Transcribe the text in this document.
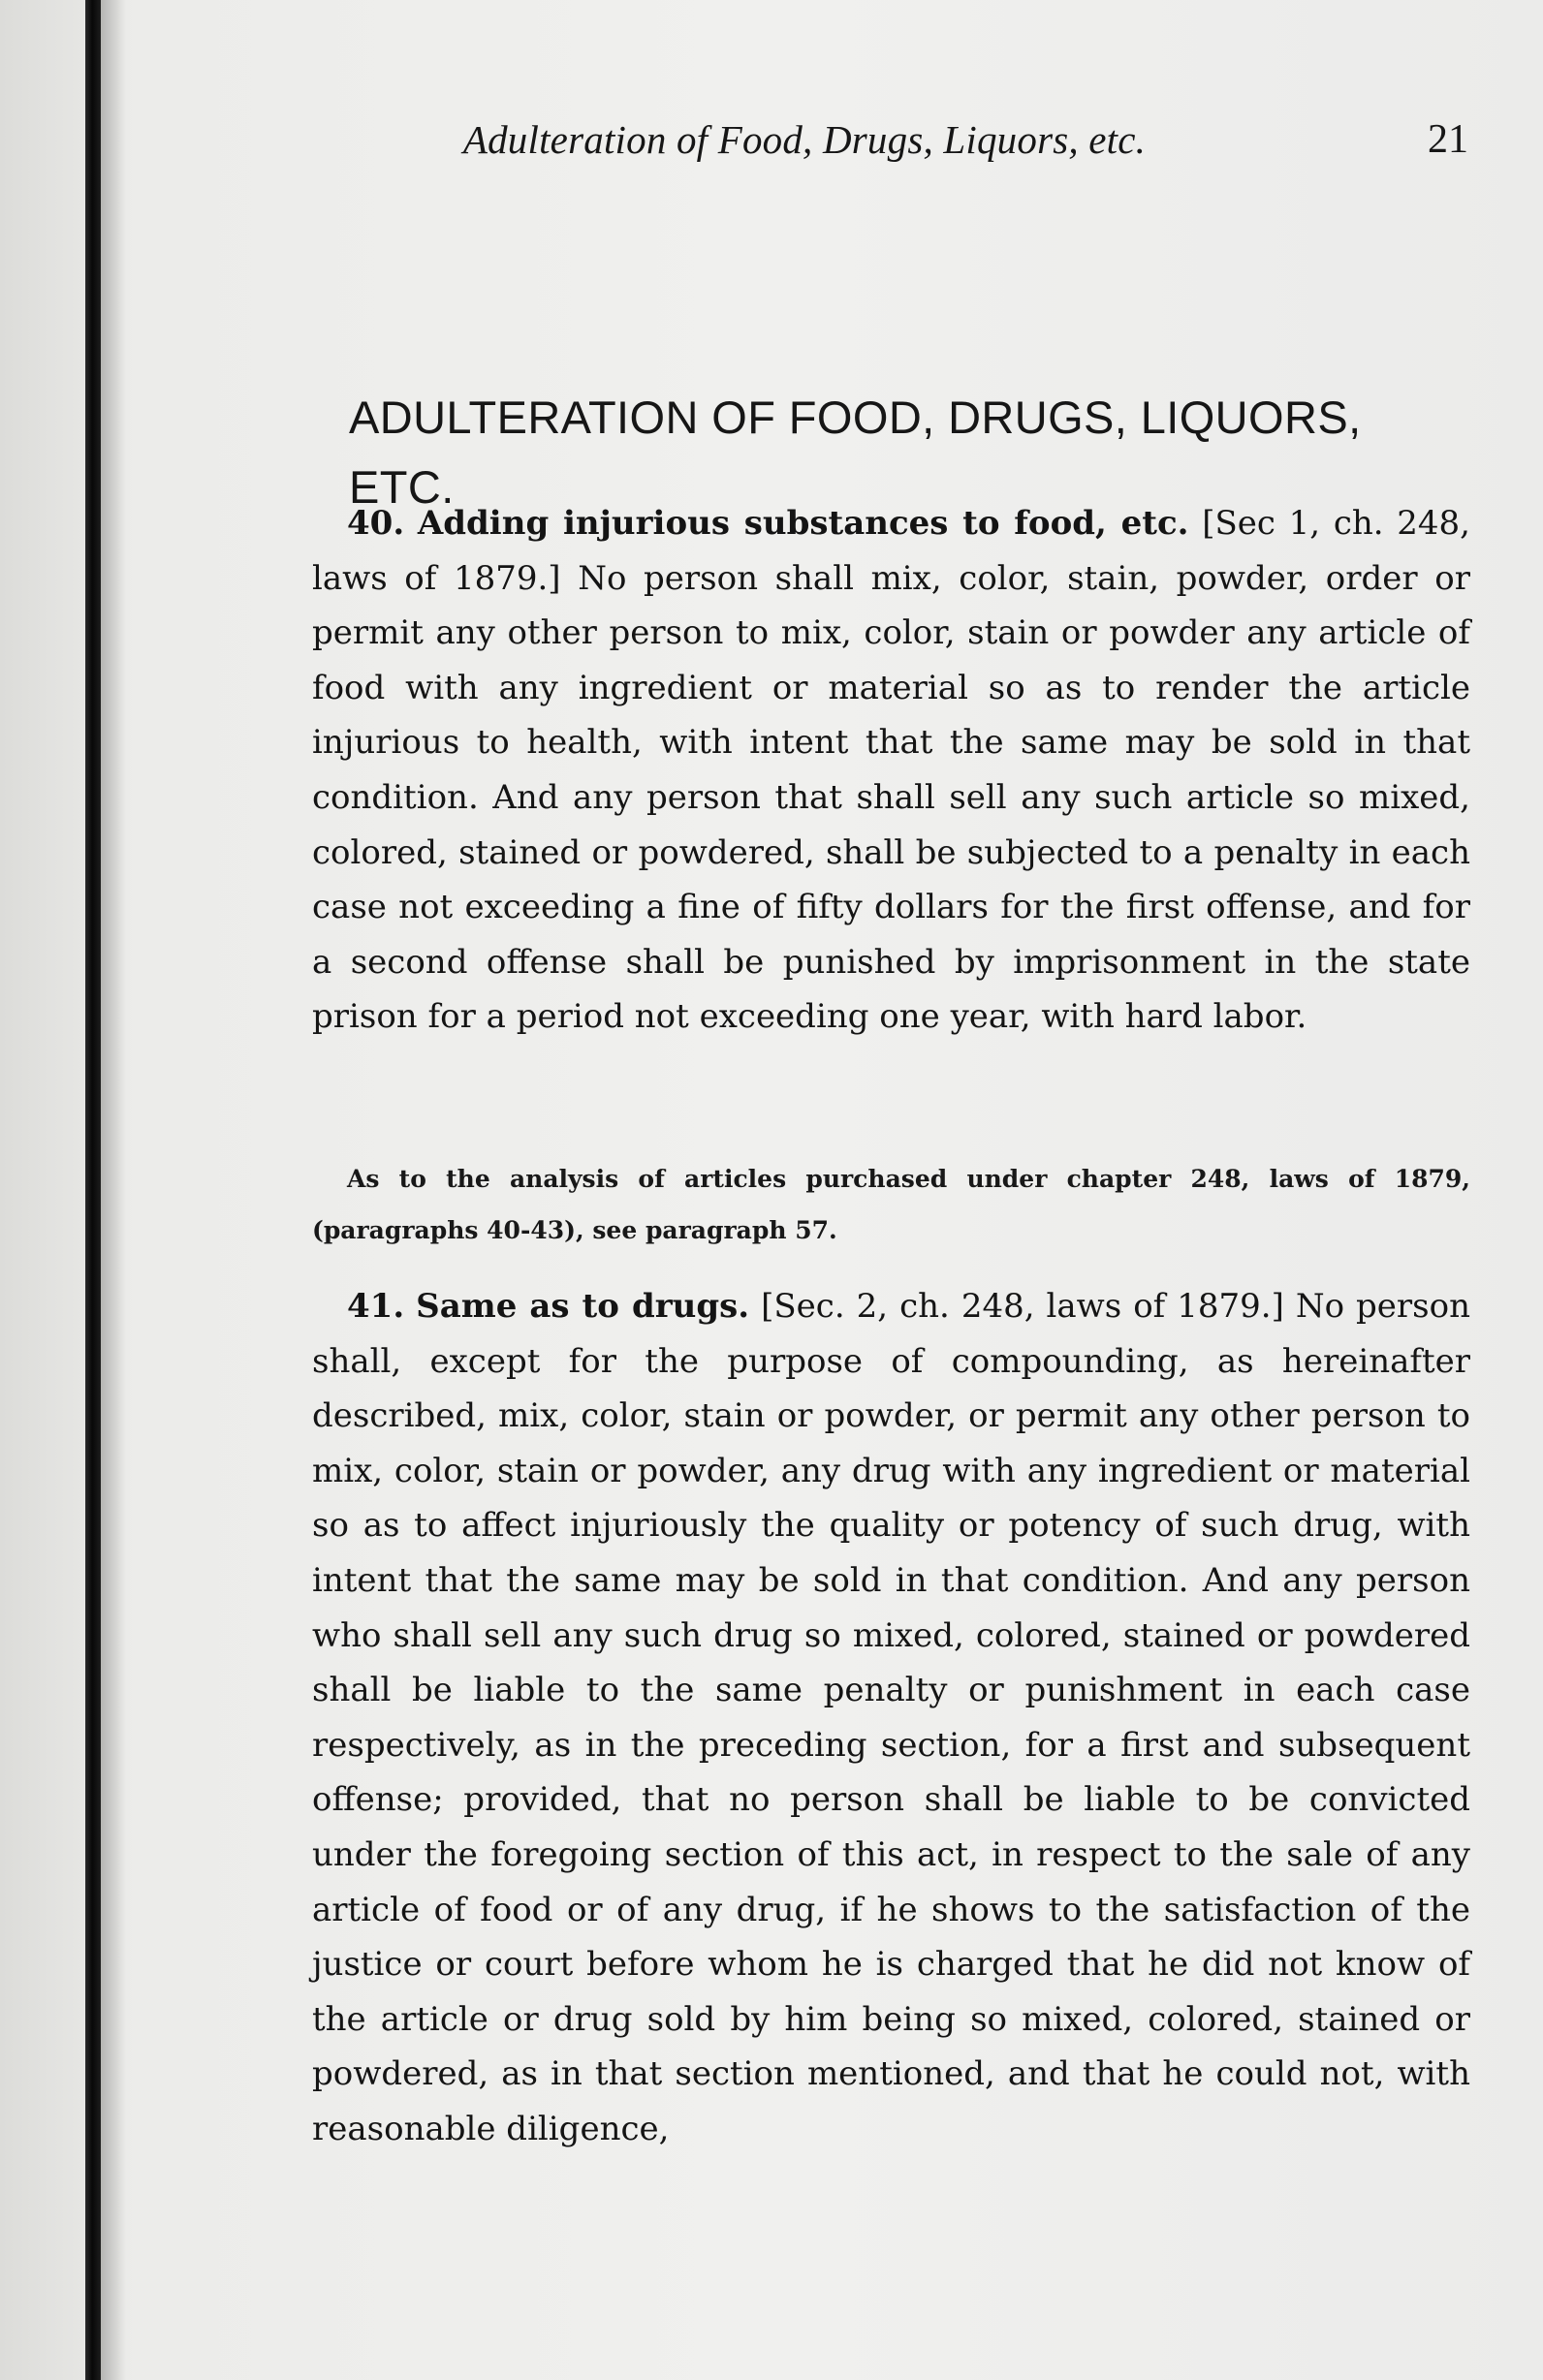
Adulteration of Food, Drugs, Liquors, etc.	21
ADULTERATION OF FOOD, DRUGS, LIQUORS, ETC.

40. Adding injurious substances to food, etc. [Sec 1, ch. 248, laws of 1879.] No person shall mix, color, stain, powder, order or permit any other person to mix, color, stain or powder any article of food with any ingredient or material so as to render the article injurious to health, with intent that the same may be sold in that condition. And any person that shall sell any such article so mixed, colored, stained or powdered, shall be subjected to a penalty in each case not exceeding a fine of fifty dollars for the first offense, and for a second offense shall be punished by imprisonment in the state prison for a period not exceeding one year, with hard labor.

As to the analysis of articles purchased under chapter 248, laws of 1879, (paragraphs 40-43), see paragraph 57.

41. Same as to drugs. [Sec. 2, ch. 248, laws of 1879.] No person shall, except for the purpose of compounding, as hereinafter described, mix, color, stain or powder, or permit any other person to mix, color, stain or powder, any drug with any ingredient or material so as to affect injuriously the quality or potency of such drug, with intent that the same may be sold in that condition. And any person who shall sell any such drug so mixed, colored, stained or powdered shall be liable to the same penalty or punishment in each case respectively, as in the preceding section, for a first and subsequent offense; provided, that no person shall be liable to be convicted under the foregoing section of this act, in respect to the sale of any article of food or of any drug, if he shows to the satisfaction of the justice or court before whom he is charged that he did not know of the article or drug sold by him being so mixed, colored, stained or powdered, as in that section mentioned, and that he could not, with reasonable diligence,
